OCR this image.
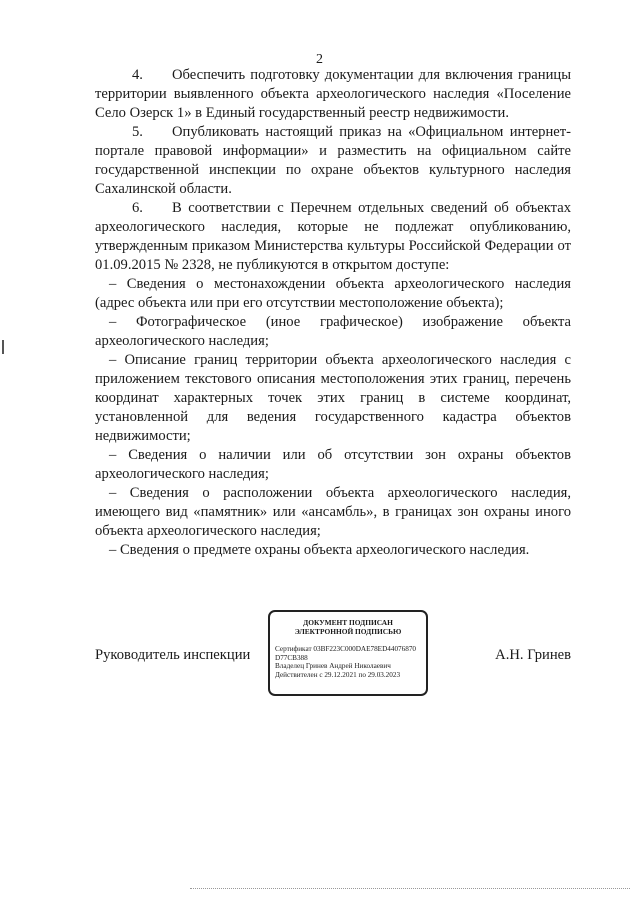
2

4. Обеспечить подготовку документации для включения границы территории выявленного объекта археологического наследия «Поселение Село Озерск 1» в Единый государственный реестр недвижимости.

5. Опубликовать настоящий приказ на «Официальном интернет-портале правовой информации» и разместить на официальном сайте государственной инспекции по охране объектов культурного наследия Сахалинской области.

6. В соответствии с Перечнем отдельных сведений об объектах археологического наследия, которые не подлежат опубликованию, утвержденным приказом Министерства культуры Российской Федерации от 01.09.2015 № 2328, не публикуются в открытом доступе:

– Сведения о местонахождении объекта археологического наследия (адрес объекта или при его отсутствии местоположение объекта);

– Фотографическое (иное графическое) изображение объекта археологического наследия;

– Описание границ территории объекта археологического наследия с приложением текстового описания местоположения этих границ, перечень координат характерных точек этих границ в системе координат, установленной для ведения государственного кадастра объектов недвижимости;

– Сведения о наличии или об отсутствии зон охраны объектов археологического наследия;

– Сведения о расположении объекта археологического наследия, имеющего вид «памятник» или «ансамбль», в границах зон охраны иного объекта археологического наследия;

– Сведения о предмете охраны объекта археологического наследия.

Руководитель инспекции
ДОКУМЕНТ ПОДПИСАН
ЭЛЕКТРОННОЙ ПОДПИСЬЮ
Сертификат 03BF223C000DAE78ED44076870D77CB388
Владелец Гринев Андрей Николаевич
Действителен с 29.12.2021 по 29.03.2023
А.Н. Гринев
